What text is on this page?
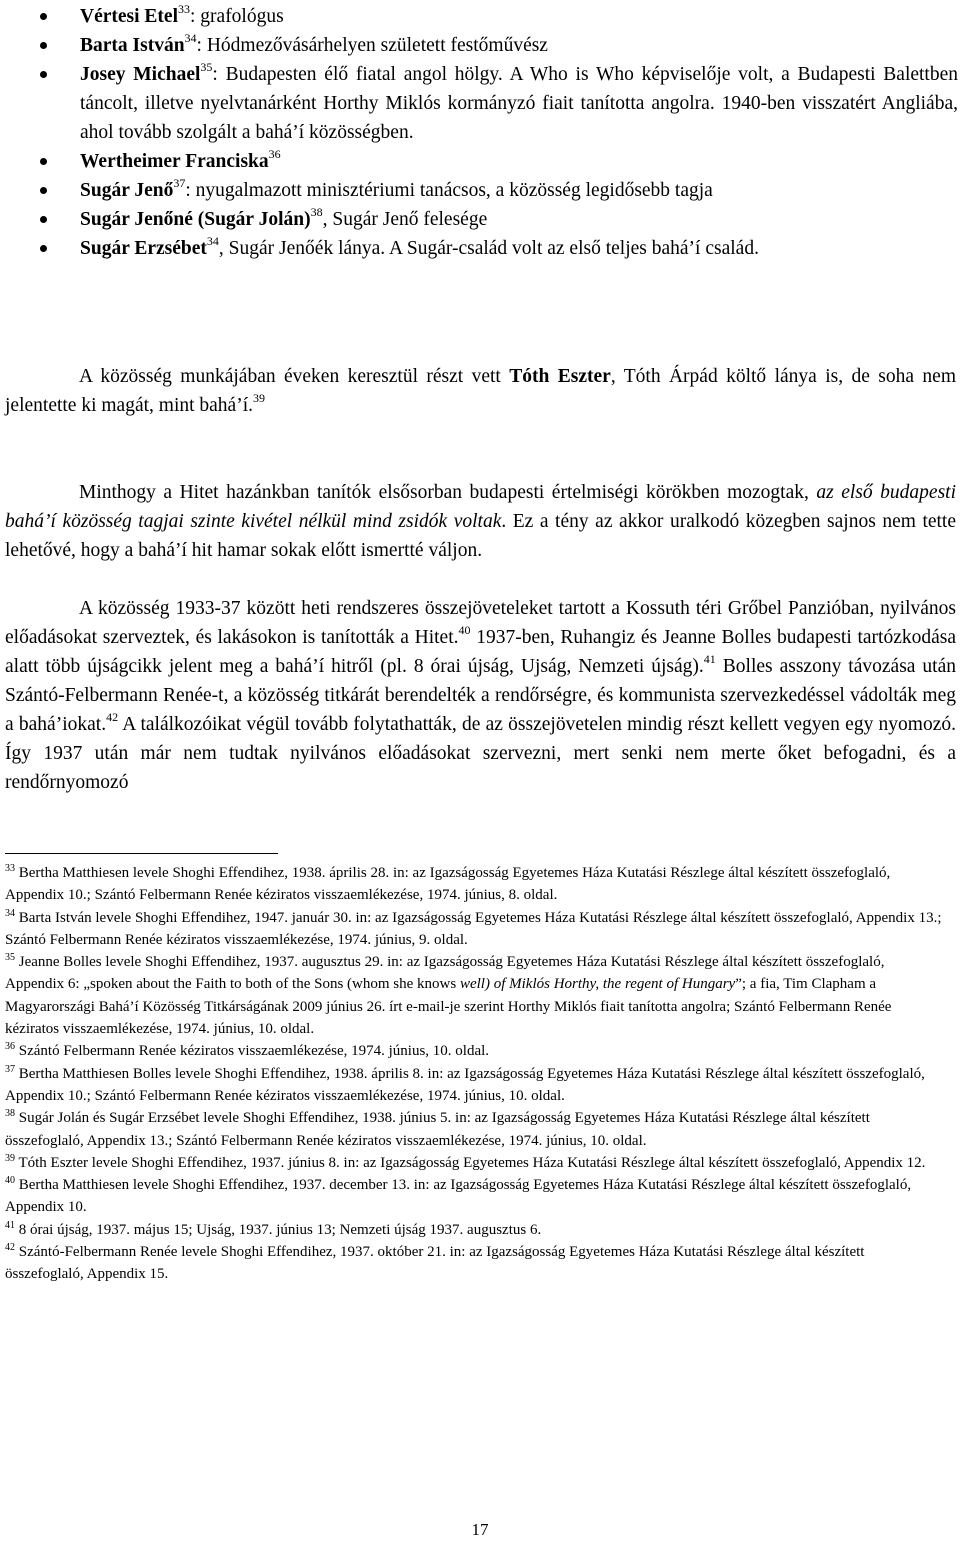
Vértesi Etel$^{33}$: grafológus
Barta István$^{34}$: Hódmezővásárhelyen született festőművész
Josey Michael$^{35}$: Budapesten élő fiatal angol hölgy. A Who is Who képviselője volt, a Budapesti Balettben táncolt, illetve nyelvtanárként Horthy Miklós kormányzó fiait tanította angolra. 1940-ben visszatért Angliába, ahol tovább szolgált a bahá’í közösségben.
Wertheimer Franciska$^{36}$
Sugár Jenő$^{37}$: nyugalmazott minisztériumi tanácsos, a közösség legidősebb tagja
Sugár Jenőné (Sugár Jolán)$^{38}$, Sugár Jenő felesége
Sugár Erzsébet$^{34}$, Sugár Jenőék lánya. A Sugár-család volt az első teljes bahá’í család.

A közösség munkájában éveken keresztül részt vett Tóth Eszter, Tóth Árpád költő lánya is, de soha nem jelentette ki magát, mint bahá’í.$^{39}$

Minthogy a Hitet hazánkban tanítók elsősorban budapesti értelmiségi körökben mozogtak, az első budapesti bahá’í közösség tagjai szinte kivétel nélkül mind zsidók voltak. Ez a tény az akkor uralkodó közegben sajnos nem tette lehetővé, hogy a bahá’í hit hamar sokak előtt ismertté váljon.

A közösség 1933-37 között heti rendszeres összejöveteleket tartott a Kossuth téri Grőbel Panzióban, nyilvános előadásokat szerveztek, és lakásokon is tanították a Hitet.$^{40}$ 1937-ben, Ruhangiz és Jeanne Bolles budapesti tartózkodása alatt több újságcikk jelent meg a bahá’í hitről (pl. 8 órai újság, Ujság, Nemzeti újság).$^{41}$ Bolles asszony távozása után Szántó-Felbermann Renée-t, a közösség titkárát berendelték a rendőrségre, és kommunista szervezkedéssel vádolták meg a bahá’iokat.$^{42}$ A találkozóikat végül tovább folytathatták, de az összejövetelen mindig részt kellett vegyen egy nyomozó. Így 1937 után már nem tudtak nyilvános előadásokat szervezni, mert senki nem merte őket befogadni, és a rendőrnyomozó

$^{33}$ Bertha Matthiesen levele Shoghi Effendihez, 1938. április 28. in: az Igazságosság Egyetemes Háza Kutatási Részlege által készített összefoglaló, Appendix 10.; Szántó Felbermann Renée kéziratos visszaemlékezése, 1974. június, 8. oldal.

$^{34}$ Barta István levele Shoghi Effendihez, 1947. január 30. in: az Igazságosság Egyetemes Háza Kutatási Részlege által készített összefoglaló, Appendix 13.; Szántó Felbermann Renée kéziratos visszaemlékezése, 1974. június, 9. oldal.

$^{35}$ Jeanne Bolles levele Shoghi Effendihez, 1937. augusztus 29. in: az Igazságosság Egyetemes Háza Kutatási Részlege által készített összefoglaló, Appendix 6: „spoken about the Faith to both of the Sons (whom she knows well) of Miklós Horthy, the regent of Hungary”; a fia, Tim Clapham a Magyarországi Bahá’í Közösség Titkárságának 2009 június 26. írt e-mail-je szerint Horthy Miklós fiait tanította angolra; Szántó Felbermann Renée kéziratos visszaemlékezése, 1974. június, 10. oldal.

$^{36}$ Szántó Felbermann Renée kéziratos visszaemlékezése, 1974. június, 10. oldal.

$^{37}$ Bertha Matthiesen Bolles levele Shoghi Effendihez, 1938. április 8. in: az Igazságosság Egyetemes Háza Kutatási Részlege által készített összefoglaló, Appendix 10.; Szántó Felbermann Renée kéziratos visszaemlékezése, 1974. június, 10. oldal.

$^{38}$ Sugár Jolán és Sugár Erzsébet levele Shoghi Effendihez, 1938. június 5. in: az Igazságosság Egyetemes Háza Kutatási Részlege által készített összefoglaló, Appendix 13.; Szántó Felbermann Renée kéziratos visszaemlékezése, 1974. június, 10. oldal.

$^{39}$ Tóth Eszter levele Shoghi Effendihez, 1937. június 8. in: az Igazságosság Egyetemes Háza Kutatási Részlege által készített összefoglaló, Appendix 12.

$^{40}$ Bertha Matthiesen levele Shoghi Effendihez, 1937. december 13. in: az Igazságosság Egyetemes Háza Kutatási Részlege által készített összefoglaló, Appendix 10.

$^{41}$ 8 órai újság, 1937. május 15; Ujság, 1937. június 13; Nemzeti újság 1937. augusztus 6.

$^{42}$ Szántó-Felbermann Renée levele Shoghi Effendihez, 1937. október 21. in: az Igazságosság Egyetemes Háza Kutatási Részlege által készített összefoglaló, Appendix 15.

17
